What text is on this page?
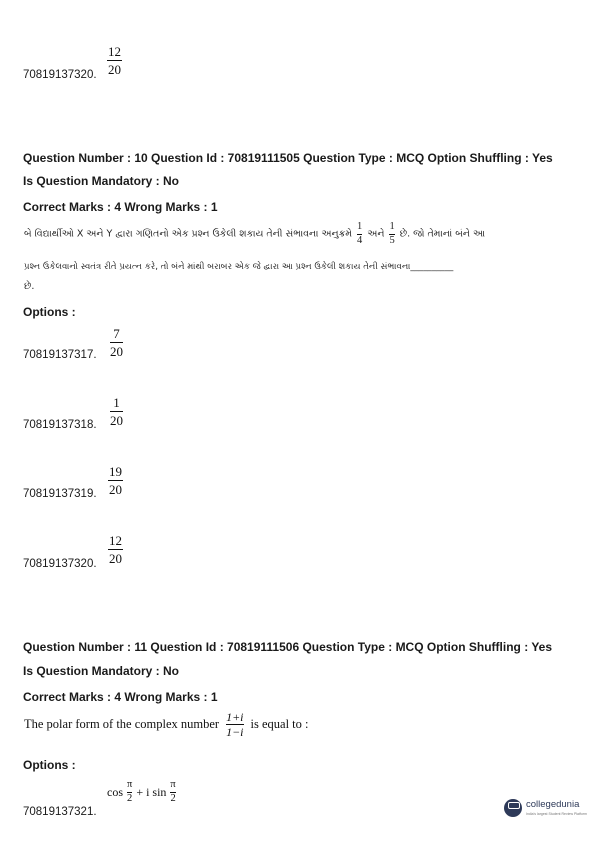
12
20
70819137320.
Question Number : 10 Question Id : 70819111505 Question Type : MCQ Option Shuffling : Yes
Is Question Mandatory : No
Correct Marks : 4 Wrong Marks : 1
બે વિદ્યાર્થીઓ X અને Y દ્વારા ગણિતનો એક પ્રશ્ન ઉકેલી શકાય તેની સંભાવના અનુક્રમે $\frac{1}{4}$ અને $\frac{1}{5}$ છે. જો તેમાનાં બંને આ
પ્રશ્ન ઉકેલવાનો સ્વતંત્ર રીતે પ્રયત્ન કરે, તો બંને માંથી બરાબર એક જે દ્વારા આ પ્રશ્ન ઉકેલી શકાય તેની સંભાવના__________
છે.
Options :
7
20
70819137317.
1
20
70819137318.
19
20
70819137319.
12
20
70819137320.
Question Number : 11 Question Id : 70819111506 Question Type : MCQ Option Shuffling : Yes
Is Question Mandatory : No
Correct Marks : 4 Wrong Marks : 1
The polar form of the complex number 1+i
1−i
is equal to :
Options :
cos π
2 + i sin π
2
70819137321.
collegedunia
India's largest Student Review Platform
